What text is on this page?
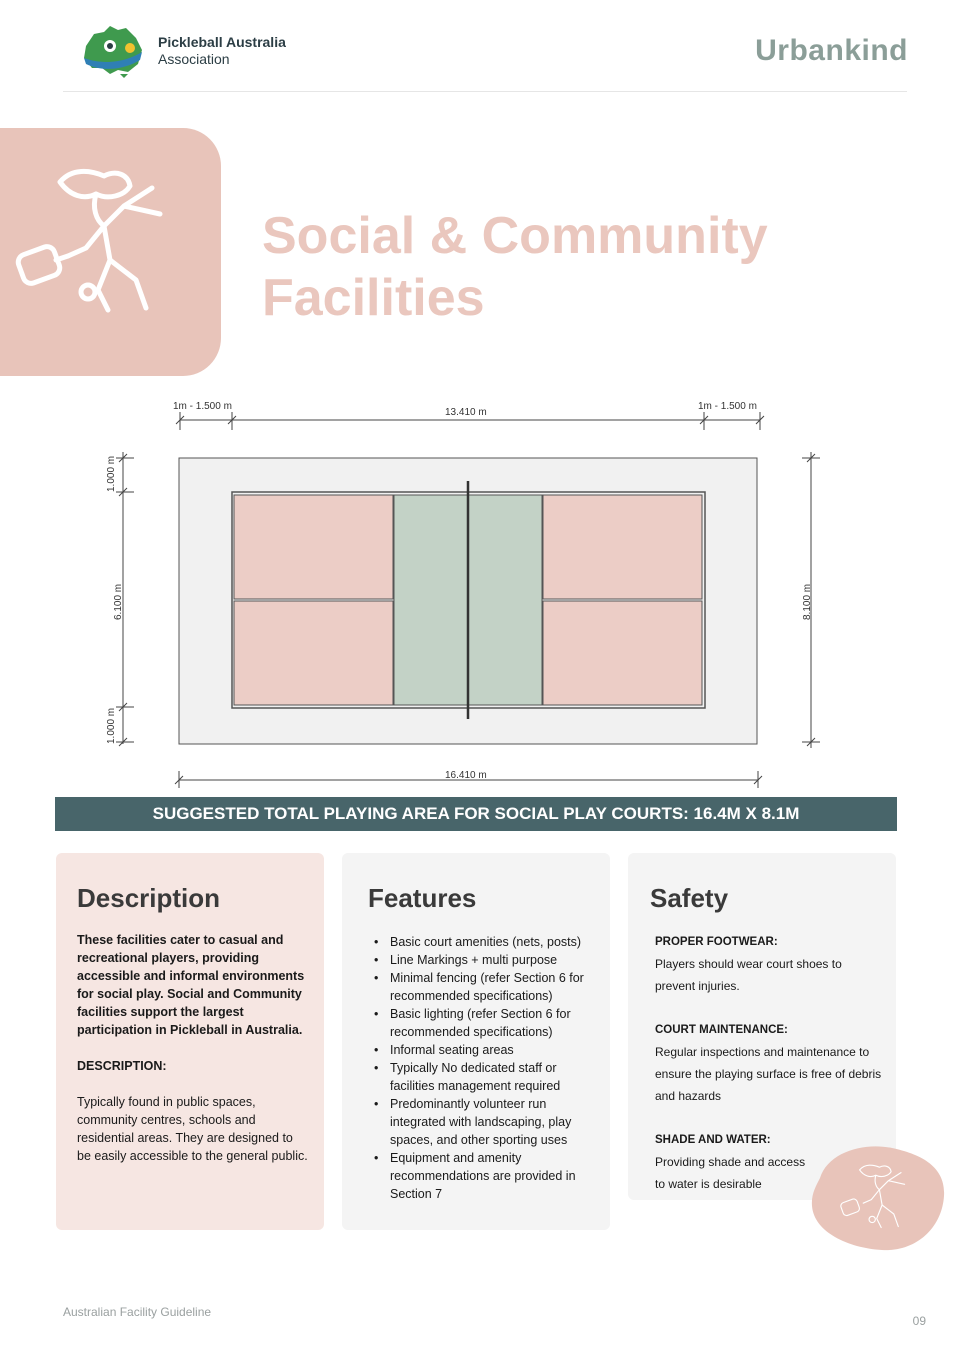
Pickleball Australia
Association	Urbankind
Social & Community
Facilities
1m - 1.500 m
13.410 m
1m - 1.500 m
1.000 m
6.100 m
1.000 m
8.100 m
16.410 m
SUGGESTED TOTAL PLAYING AREA FOR SOCIAL PLAY COURTS: 16.4M X 8.1M
Description

These facilities cater to casual and recreational players, providing accessible and informal environments for social play. Social and Community facilities support the largest participation in Pickleball in Australia.

DESCRIPTION:

Typically found in public spaces, community centres, schools and residential areas. They are designed to be easily accessible to the general public.

Features
• Basic court amenities (nets, posts)
• Line Markings + multi purpose
• Minimal fencing (refer Section 6 for recommended specifications)
• Basic lighting (refer Section 6 for recommended specifications)
• Informal seating areas
• Typically No dedicated staff or facilities management required
• Predominantly volunteer run integrated with landscaping, play spaces, and other sporting uses
• Equipment and amenity recommendations are provided in Section 7
Safety
PROPER FOOTWEAR:
Players should wear court shoes to prevent injuries.
COURT MAINTENANCE:
Regular inspections and maintenance to ensure the playing surface is free of debris and hazards
SHADE AND WATER:
Providing shade and access to water is desirable
Australian Facility Guideline
09
